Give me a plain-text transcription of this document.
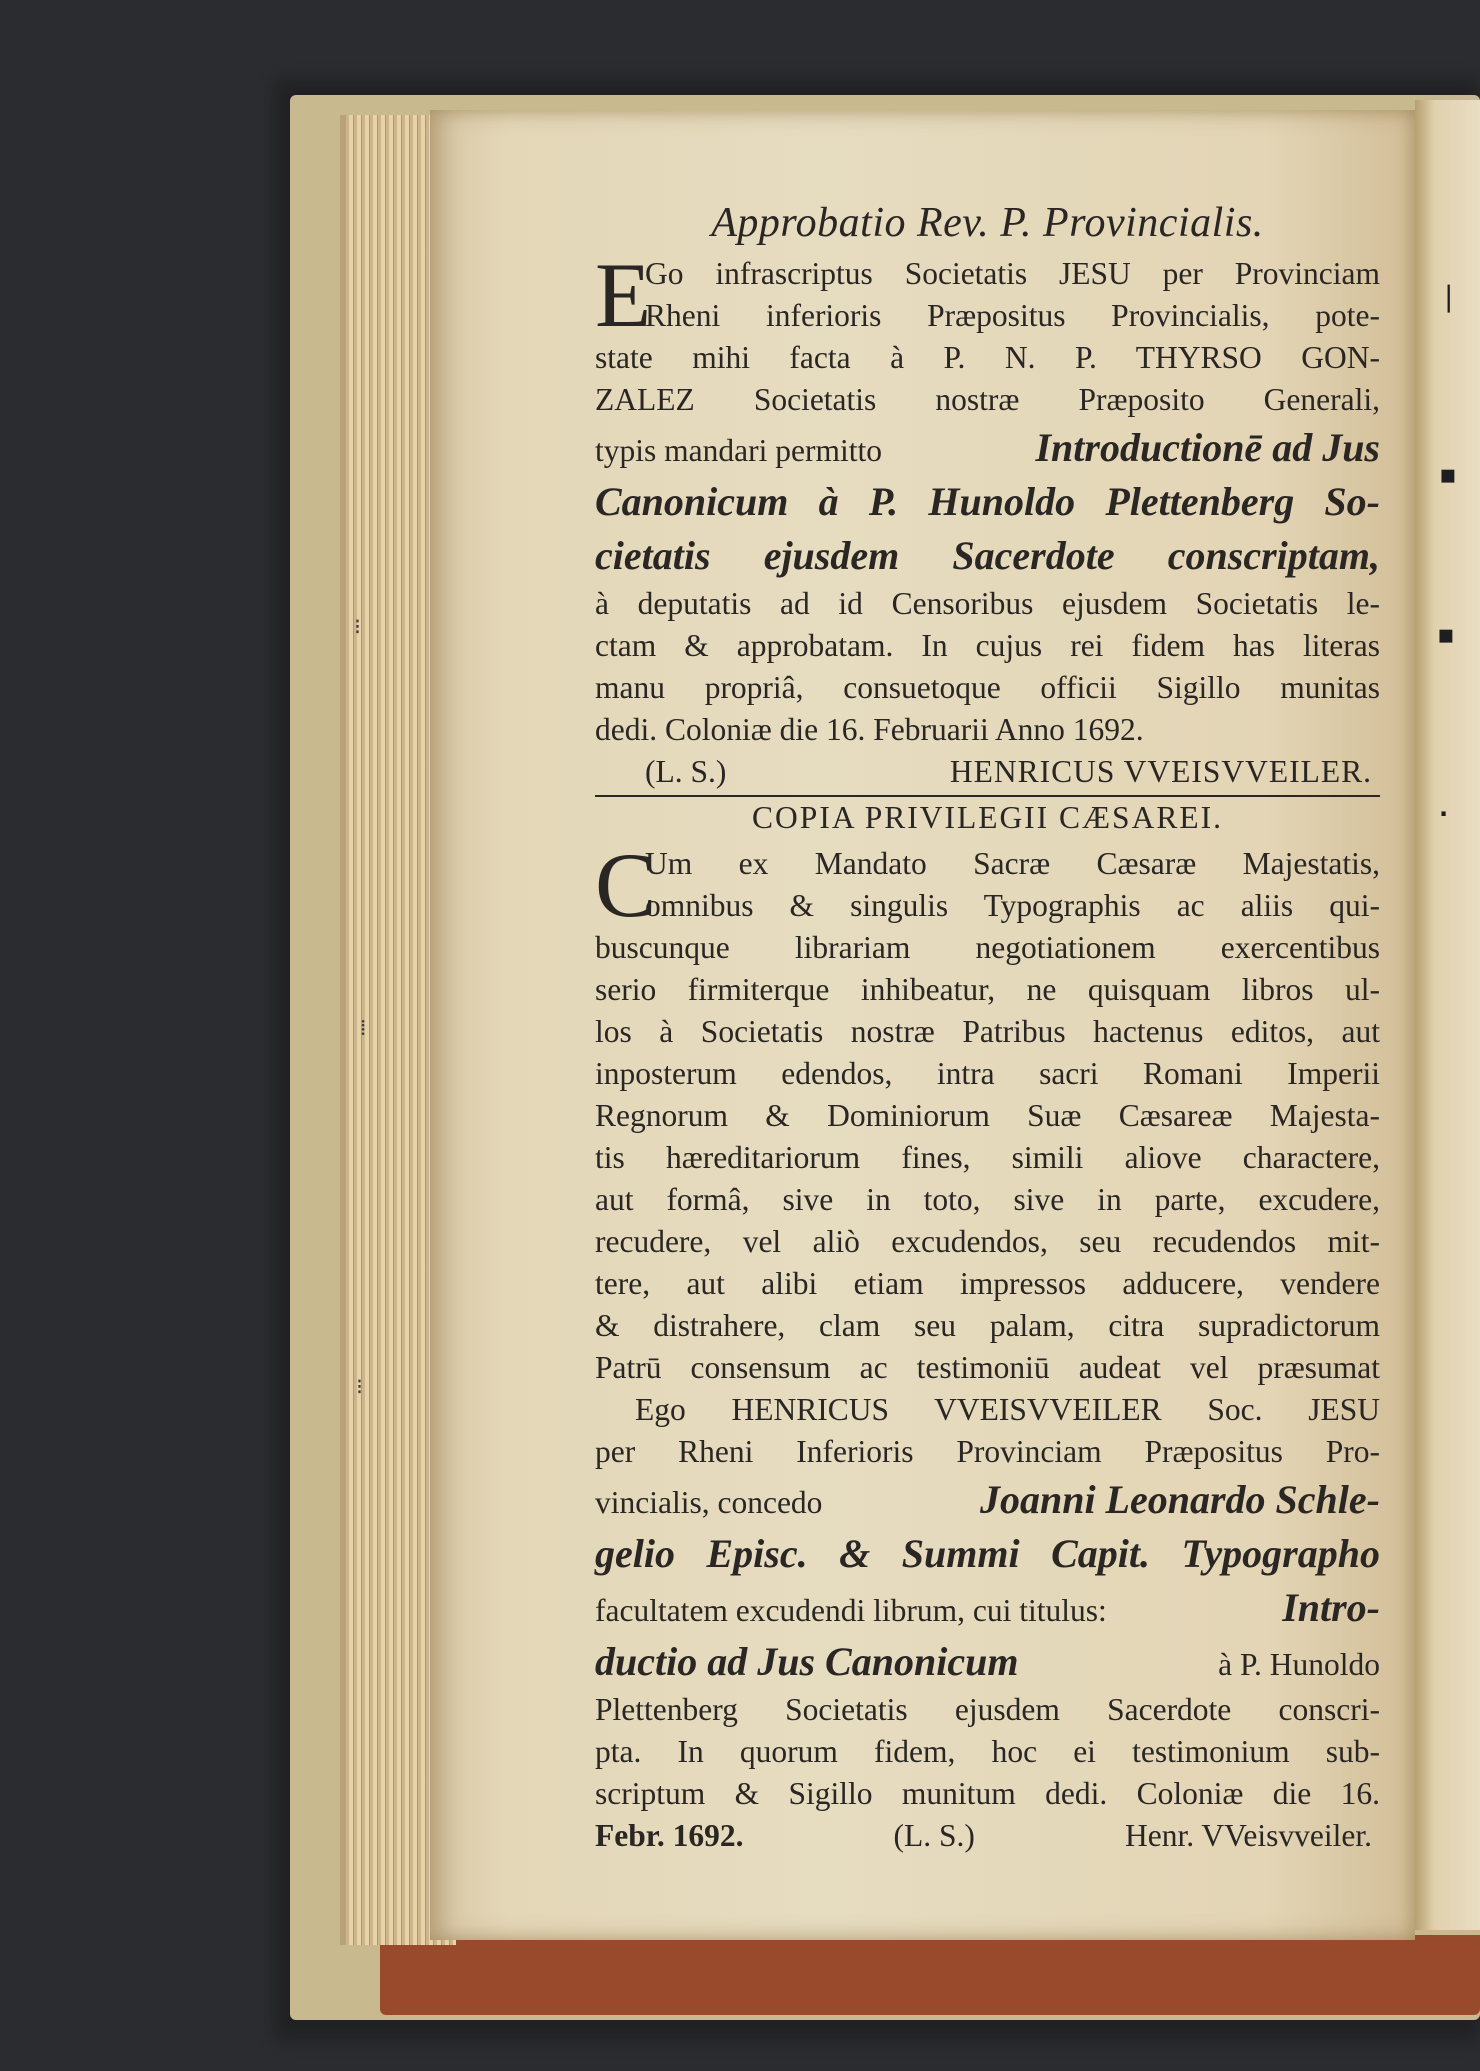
⁝
⁞
⁝
❘
▪
▪
·
Approbatio Rev. P. Provincialis.
E
Go infrascriptus Societatis JESU per Provinciam
Rheni inferioris Præpositus Provincialis, pote-
state mihi facta à P. N. P. THYRSO GON-
ZALEZ Societatis nostræ Præposito Generali,
typis mandari permitto	Introductionē ad Jus
Canonicum à P. Hunoldo Plettenberg So-
cietatis ejusdem Sacerdote conscriptam,
à deputatis ad id Censoribus ejusdem Societatis le-
ctam & approbatam. In cujus rei fidem has literas
manu propriâ, consuetoque officii Sigillo munitas
dedi. Coloniæ die 16. Februarii Anno 1692.
(L. S.)	HENRICUS VVEISVVEILER.
COPIA PRIVILEGII CÆSAREI.
C
Um ex Mandato Sacræ Cæsaræ Majestatis,
omnibus & singulis Typographis ac aliis qui-
buscunque librariam negotiationem exercentibus
serio firmiterque inhibeatur, ne quisquam libros ul-
los à Societatis nostræ Patribus hactenus editos, aut
inposterum edendos, intra sacri Romani Imperii
Regnorum & Dominiorum Suæ Cæsareæ Majesta-
tis hæreditariorum fines, simili aliove charactere,
aut formâ, sive in toto, sive in parte, excudere,
recudere, vel aliò excudendos, seu recudendos mit-
tere, aut alibi etiam impressos adducere, vendere
& distrahere, clam seu palam, citra supradictorum
Patrū consensum ac testimoniū audeat vel præsumat
Ego HENRICUS VVEISVVEILER Soc. JESU
per Rheni Inferioris Provinciam Præpositus Pro-
vincialis, concedo	Joanni Leonardo Schle-
gelio Episc. & Summi Capit. Typographo
facultatem excudendi librum, cui titulus:	Intro-
ductio ad Jus Canonicum	à P. Hunoldo
Plettenberg Societatis ejusdem Sacerdote conscri-
pta. In quorum fidem, hoc ei testimonium sub-
scriptum & Sigillo munitum dedi. Coloniæ die 16.
Febr. 1692.	(L. S.)	Henr. VVeisvveiler.
